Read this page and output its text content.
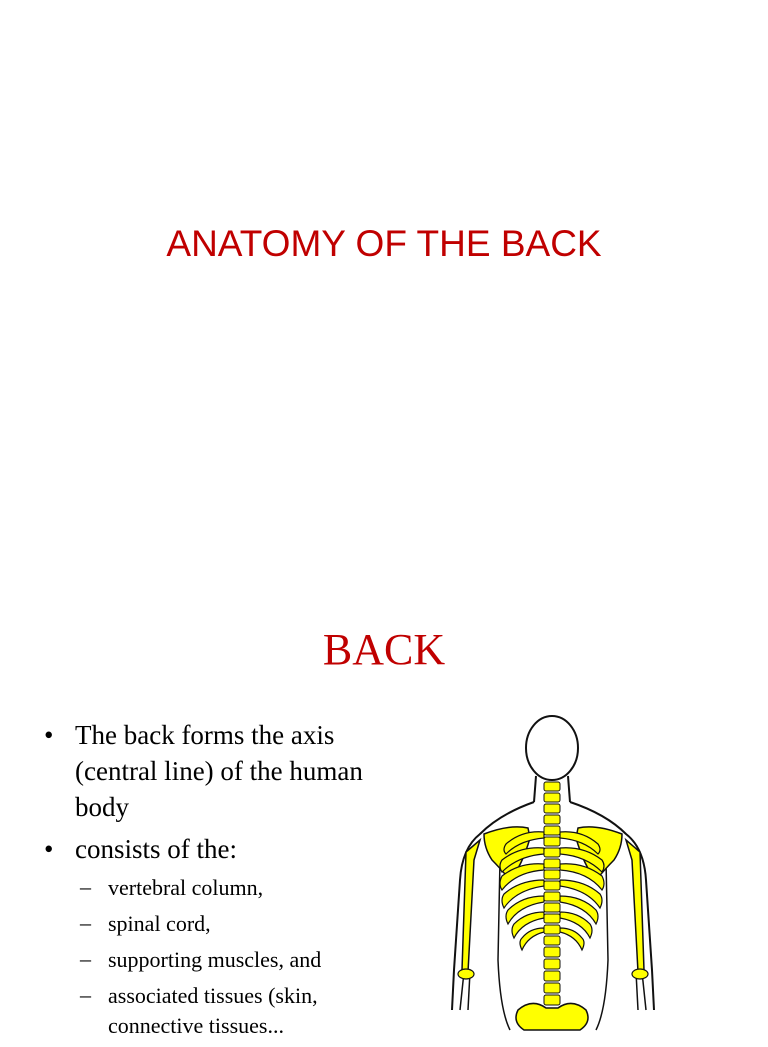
ANATOMY OF THE BACK
BACK
• The back forms the axis (central line) of the human body
• consists of the:
– vertebral column,
– spinal cord,
– supporting muscles, and
– associated tissues (skin, connective tissues...
